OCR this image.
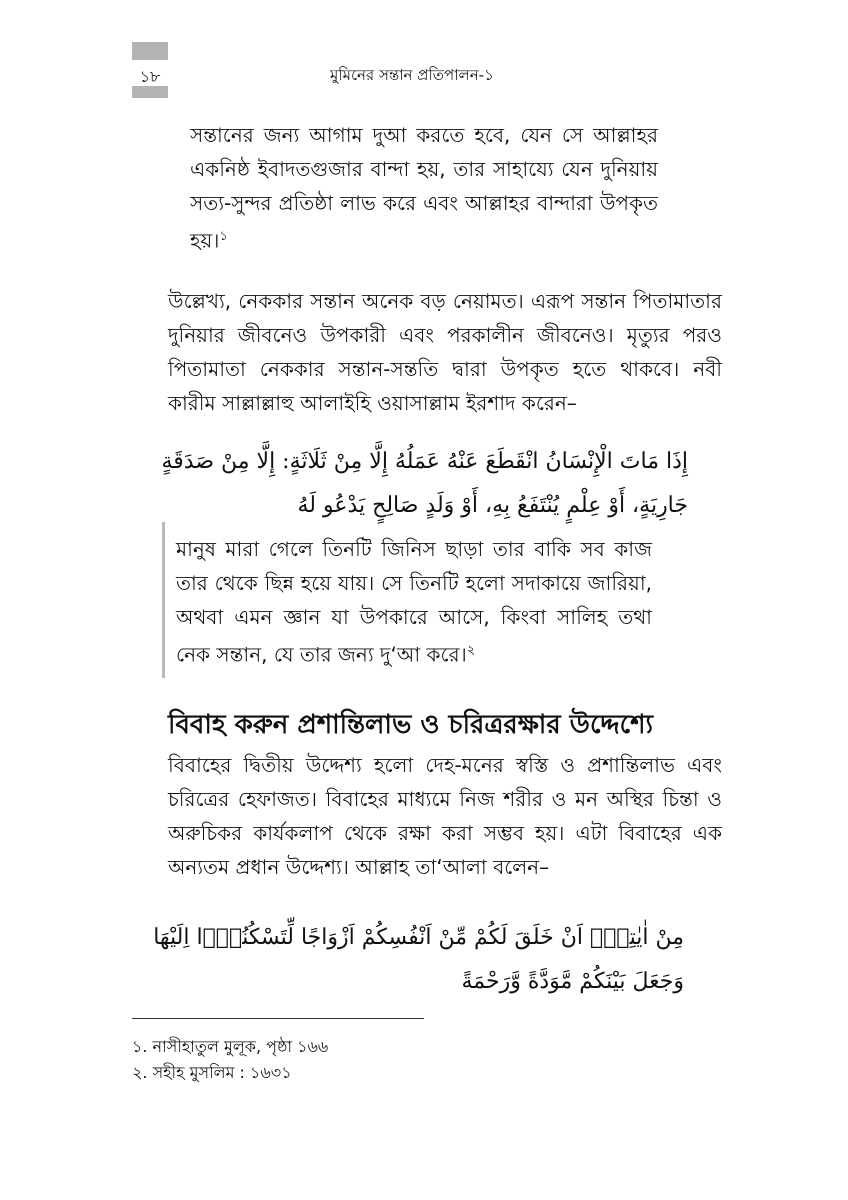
১৮	মুমিনের সন্তান প্রতিপালন-১

সন্তানের জন্য আগাম দুআ করতে হবে, যেন সে আল্লাহর একনিষ্ঠ ইবাদতগুজার বান্দা হয়, তার সাহায্যে যেন দুনিয়ায় সত্য-সুন্দর প্রতিষ্ঠা লাভ করে এবং আল্লাহর বান্দারা উপকৃত হয়।$^১$

উল্লেখ্য, নেককার সন্তান অনেক বড় নেয়ামত। এরূপ সন্তান পিতামাতার দুনিয়ার জীবনেও উপকারী এবং পরকালীন জীবনেও। মৃত্যুর পরও পিতামাতা নেককার সন্তান-সন্ততি দ্বারা উপকৃত হতে থাকবে। নবী কারীম সাল্লাল্লাহু আলাইহি ওয়াসাল্লাম ইরশাদ করেন–

إِذَا مَاتَ الْإِنْسَانُ انْقَطَعَ عَنْهُ عَمَلُهُ إِلَّا مِنْ ثَلَاثَةٍ: إِلَّا مِنْ صَدَقَةٍ جَارِيَةٍ، أَوْ عِلْمٍ يُنْتَفَعُ بِهِ، أَوْ وَلَدٍ صَالِحٍ يَدْعُو لَهُ

মানুষ মারা গেলে তিনটি জিনিস ছাড়া তার বাকি সব কাজ তার থেকে ছিন্ন হয়ে যায়। সে তিনটি হলো সদাকায়ে জারিয়া, অথবা এমন জ্ঞান যা উপকারে আসে, কিংবা সালিহ তথা নেক সন্তান, যে তার জন্য দু‘আ করে।$^২$

বিবাহ করুন প্রশান্তিলাভ ও চরিত্ররক্ষার উদ্দেশ্যে

বিবাহের দ্বিতীয় উদ্দেশ্য হলো দেহ-মনের স্বস্তি ও প্রশান্তিলাভ এবং চরিত্রের হেফাজত। বিবাহের মাধ্যমে নিজ শরীর ও মন অস্থির চিন্তা ও অরুচিকর কার্যকলাপ থেকে রক্ষা করা সম্ভব হয়। এটা বিবাহের এক অন্যতম প্রধান উদ্দেশ্য। আল্লাহ তা‘আলা বলেন–

مِنْ اٰيٰتِهٖۤ اَنْ خَلَقَ لَكُمْ مِّنْ اَنْفُسِكُمْ اَزْوَاجًا لِّتَسْكُنُوْۤا اِلَيْهَا وَجَعَلَ بَيْنَكُمْ مَّوَدَّةً وَّرَحْمَةً

১. নাসীহাতুল মুলূক, পৃষ্ঠা ১৬৬
২. সহীহ মুসলিম : ১৬৩১
